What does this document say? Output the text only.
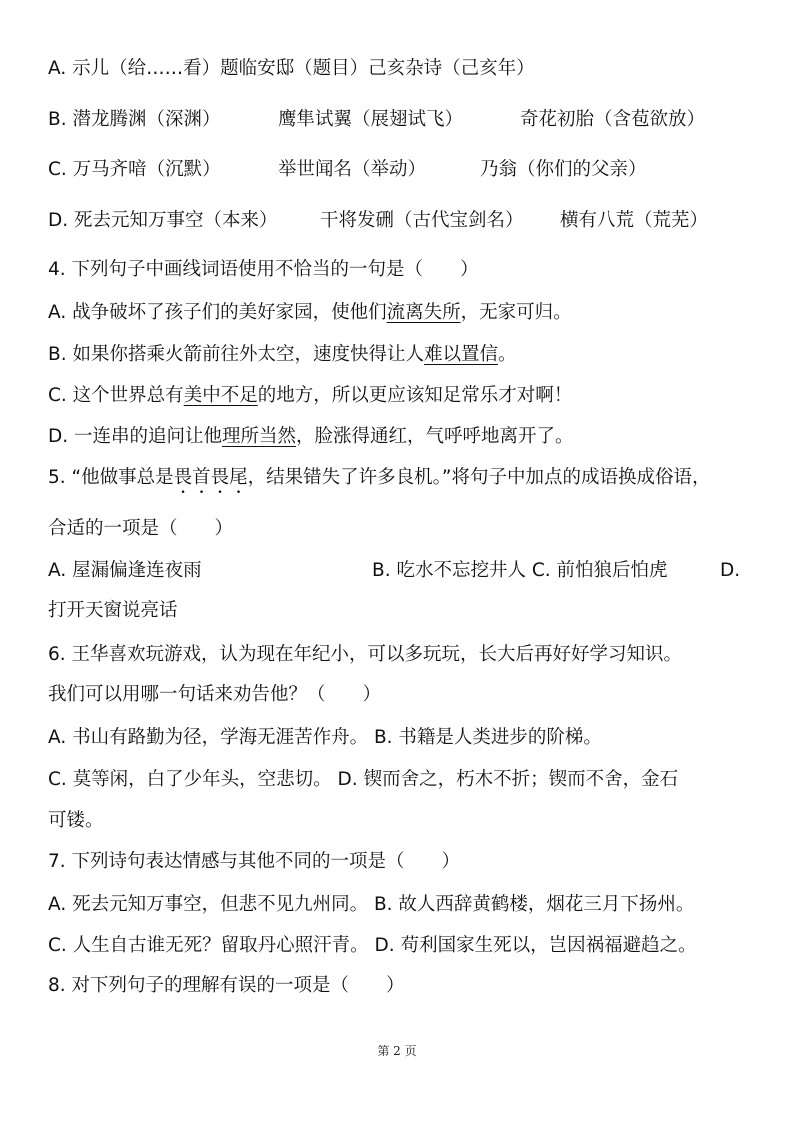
A. 示儿（给……看）题临安邸（题目）己亥杂诗（己亥年）
B. 潜龙腾渊（深渊）	鹰隼试翼（展翅试飞）	奇花初胎（含苞欲放）
C. 万马齐喑（沉默）	举世闻名（举动）	乃翁（你们的父亲）
D. 死去元知万事空（本来） 干将发硎（古代宝剑名） 横有八荒（荒芜）
4. 下列句子中画线词语使用不恰当的一句是（　　）
A. 战争破坏了孩子们的美好家园，使他们流离失所，无家可归。
B. 如果你搭乘火箭前往外太空，速度快得让人难以置信。
C. 这个世界总有美中不足的地方，所以更应该知足常乐才对啊！
D. 一连串的追问让他理所当然，脸涨得通红，气呼呼地离开了。
5. “他做事总是畏首畏尾，结果错失了许多良机。”将句子中加点的成语换成俗语，
合适的一项是（　　）
A. 屋漏偏逢连夜雨	B. 吃水不忘挖井人 C. 前怕狼后怕虎	D.
打开天窗说亮话
6. 王华喜欢玩游戏，认为现在年纪小，可以多玩玩，长大后再好好学习知识。
我们可以用哪一句话来劝告他？（　　）
A. 书山有路勤为径，学海无涯苦作舟。 B. 书籍是人类进步的阶梯。
C. 莫等闲，白了少年头，空悲切。 D. 锲而舍之，朽木不折；锲而不舍，金石
可镂。
7. 下列诗句表达情感与其他不同的一项是（　　）
A. 死去元知万事空，但悲不见九州同。 B. 故人西辞黄鹤楼，烟花三月下扬州。
C. 人生自古谁无死？留取丹心照汗青。 D. 苟利国家生死以，岂因祸福避趋之。
8. 对下列句子的理解有误的一项是（　　）
第 2 页
